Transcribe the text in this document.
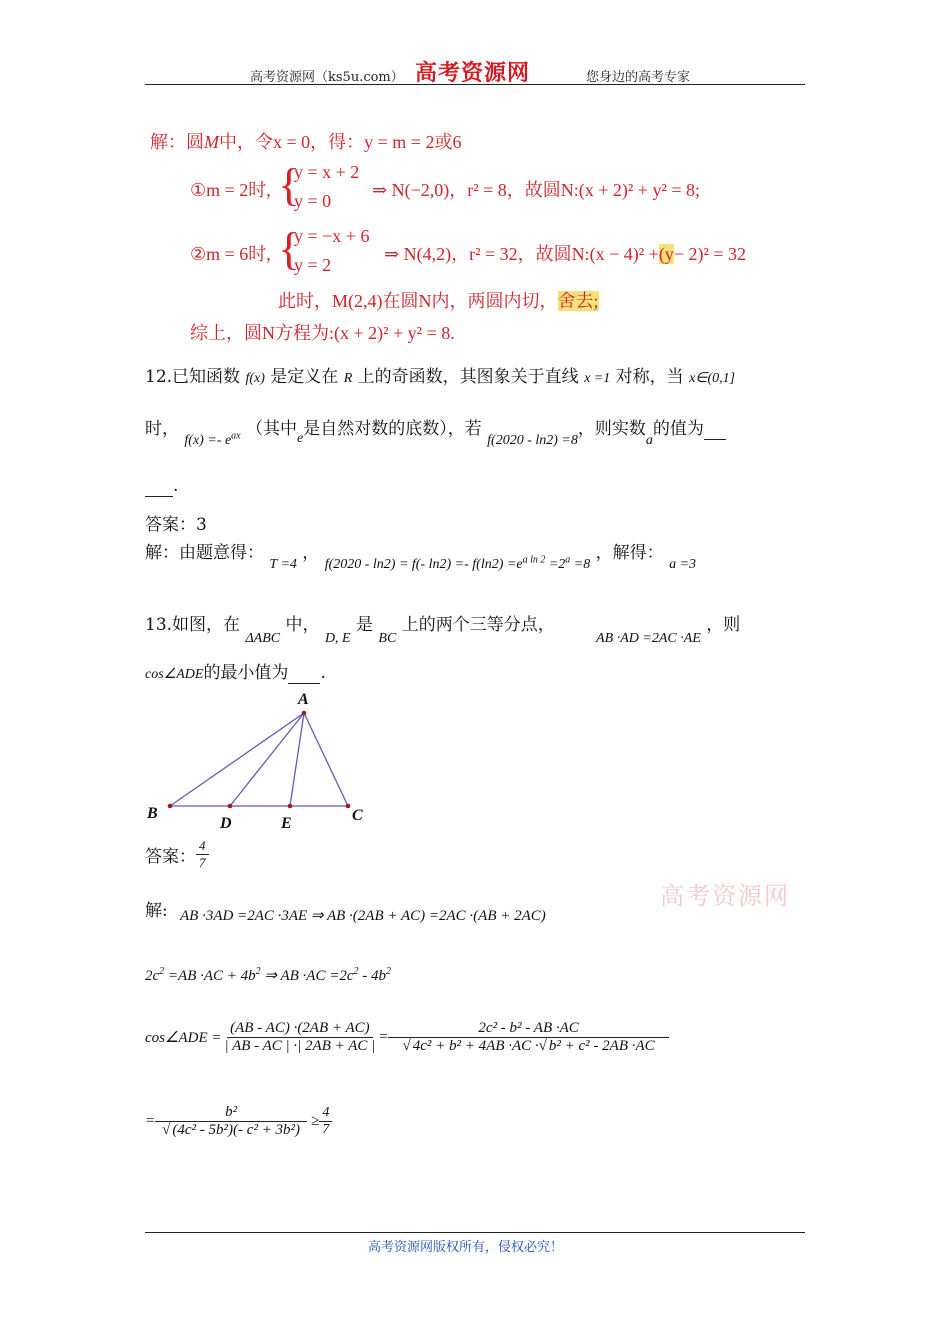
高考资源网（ks5u.com） 高考资源网	您身边的高考专家
解：圆M中，令x = 0，得：y = m = 2或6
①m = 2时, {
y = x + 2
y = 0
⇒ N(−2,0)，r² = 8，故圆N:(x + 2)² + y² = 8;
②m = 6时, {
y = −x + 6
y = 2
⇒ N(4,2)，r² = 32，故圆N:(x − 4)² +(y− 2)² = 32
此时，M(2,4)在圆N内，两圆内切，舍去;
综上，圆N方程为:(x + 2)² + y² = 8.
12.已知函数 f(x) 是定义在 R 上的奇函数，其图象关于直线 x =1 对称，当 x∈(0,1]
时， $_{f(x) =- e^{ax}}$ （其中$_e$是自然对数的底数），若 $_{f(2020 - ln2) =8}$，则实数$_a$的值为
.
答案：3
解：由题意得： $_{T =4}$ ， $_{f(2020 - ln2) = f(- ln2) =- f(ln2) =e^{a ln 2} =2^a =8}$ ，解得： $_{a =3}$
13.如图，在 $_{\Delta ABC}$ 中， $_{D, E}$ 是 $_{BC}$ 上的两个三等分点， $_{AB \cdot AD =2AC \cdot AE}$ ，则
cos∠ADE的最小值为 .
A
B
D	E	C
答案： $\frac{4}{7}$
解: AB ·3AD =2AC ·3AE ⇒ AB ·(2AB + AC) =2AC ·(AB + 2AC)
$2c^2 =AB \cdot AC + 4b^2$ ⇒ AB $\cdot AC =2c^2 - 4b^2$
cos∠ADE = $\frac{(AB - AC) \cdot(2AB + AC)}{| AB - AC | \cdot| 2AB + AC |} = \frac{\text{2c² - b² - AB ·AC}}{\text{√ 4c² + b² + 4AB ·AC ·√ b² + c² - 2AB ·AC}}$
= $\frac{\text{b²}}{\text{√ (4c² - 5b²)(- c² + 3b²)}} \ge \frac{4}{7}$
高考资源网
高考资源网版权所有，侵权必究！
